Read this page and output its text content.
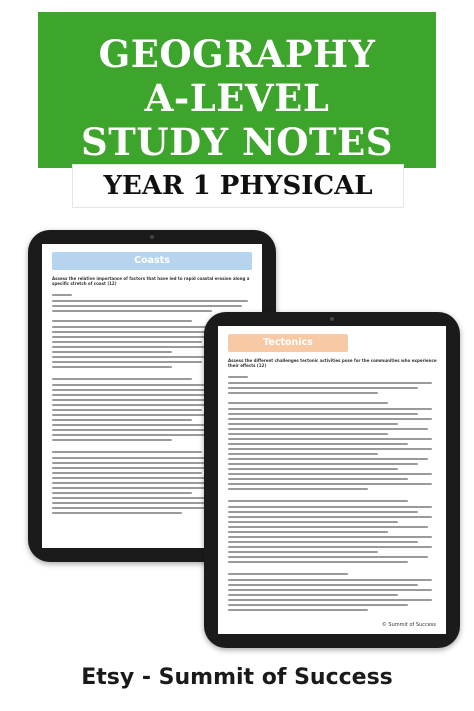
GEOGRAPHY
A-LEVEL
STUDY NOTES
YEAR 1 PHYSICAL
Coasts
Assess the relative importance of factors that have led to rapid coastal erosion along a specific stretch of coast (12)
Tectonics
Assess the different challenges tectonic activities pose for the communities who experience their effects (12)
© Summit of Success
Etsy - Summit of Success
